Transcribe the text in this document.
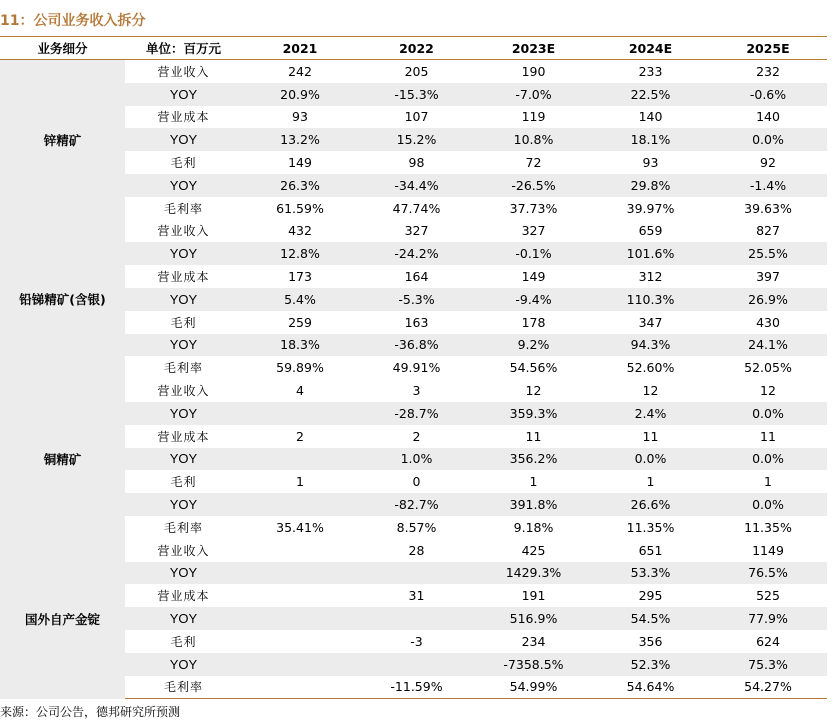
11：公司业务收入拆分
业务细分	单位：百万元	2021	2022	2023E	2024E	2025E
锌精矿	营业收入	242	205	190	233	232
	YOY	20.9%	-15.3%	-7.0%	22.5%	-0.6%
	营业成本	93	107	119	140	140
	YOY	13.2%	15.2%	10.8%	18.1%	0.0%
	毛利	149	98	72	93	92
	YOY	26.3%	-34.4%	-26.5%	29.8%	-1.4%
	毛利率	61.59%	47.74%	37.73%	39.97%	39.63%
铅锑精矿(含银)	营业收入	432	327	327	659	827
	YOY	12.8%	-24.2%	-0.1%	101.6%	25.5%
	营业成本	173	164	149	312	397
	YOY	5.4%	-5.3%	-9.4%	110.3%	26.9%
	毛利	259	163	178	347	430
	YOY	18.3%	-36.8%	9.2%	94.3%	24.1%
	毛利率	59.89%	49.91%	54.56%	52.60%	52.05%
铜精矿	营业收入	4	3	12	12	12
	YOY		-28.7%	359.3%	2.4%	0.0%
	营业成本	2	2	11	11	11
	YOY		1.0%	356.2%	0.0%	0.0%
	毛利	1	0	1	1	1
	YOY		-82.7%	391.8%	26.6%	0.0%
	毛利率	35.41%	8.57%	9.18%	11.35%	11.35%
国外自产金锭	营业收入		28	425	651	1149
	YOY			1429.3%	53.3%	76.5%
	营业成本		31	191	295	525
	YOY			516.9%	54.5%	77.9%
	毛利		-3	234	356	624
	YOY			-7358.5%	52.3%	75.3%
	毛利率		-11.59%	54.99%	54.64%	54.27%
来源：公司公告，德邦研究所预测
